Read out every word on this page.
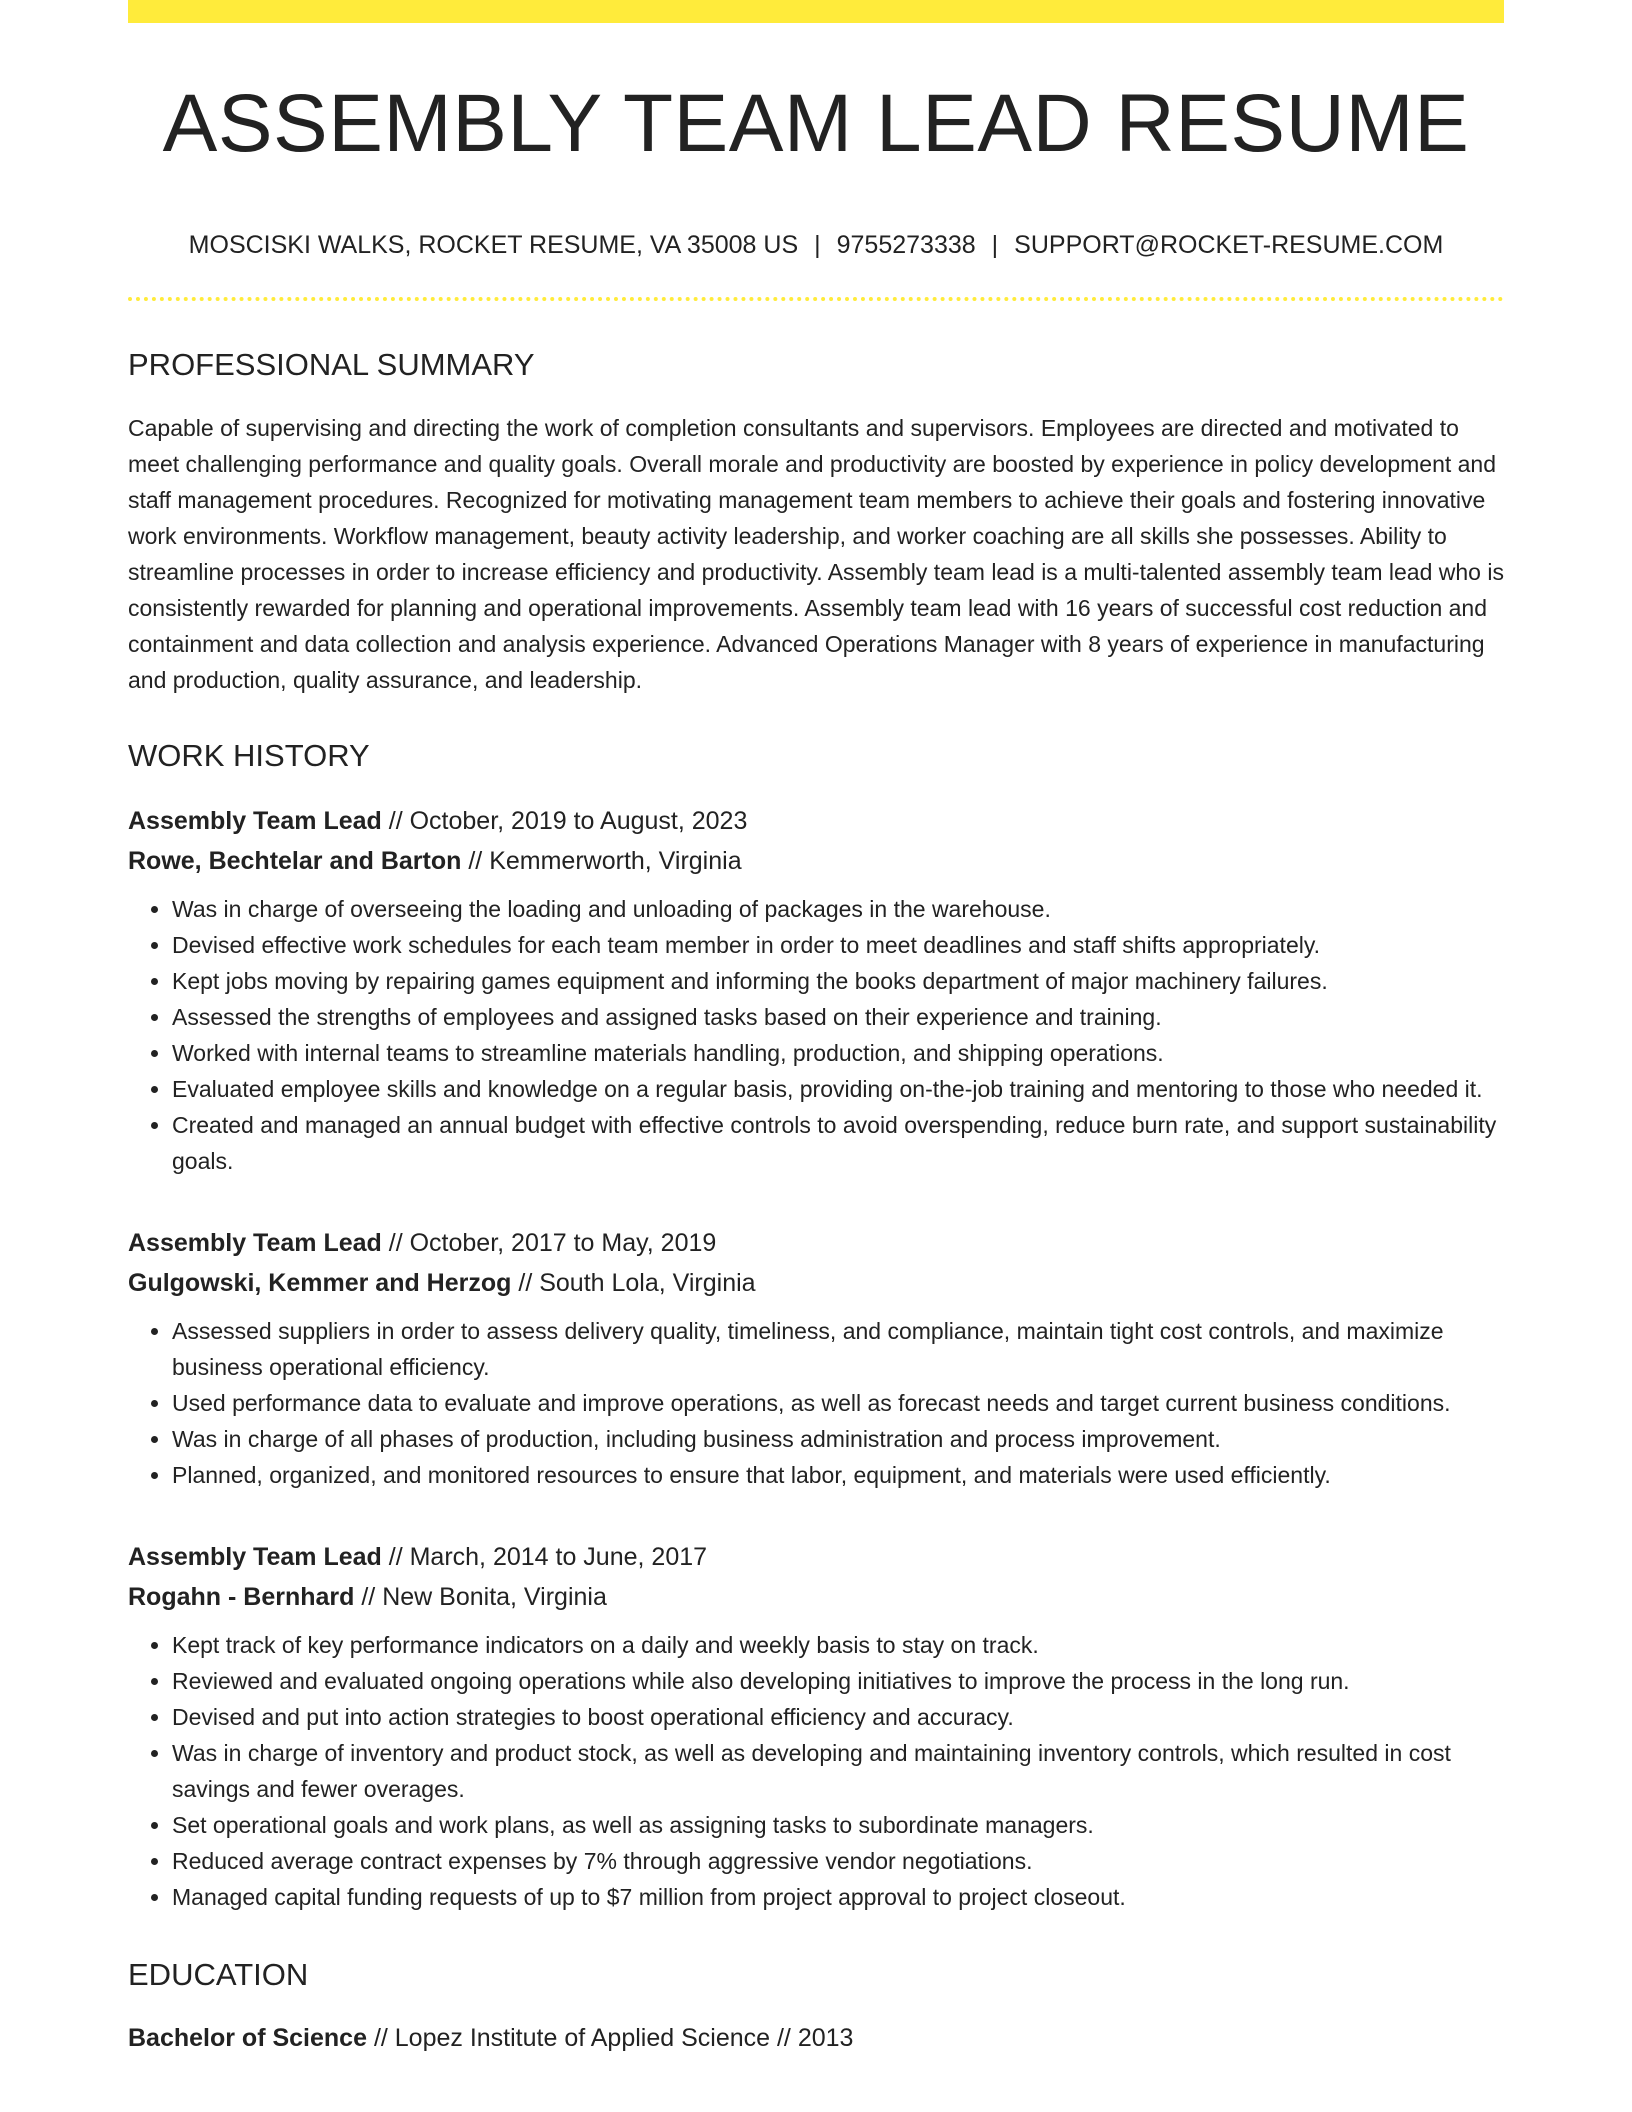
ASSEMBLY TEAM LEAD RESUME
MOSCISKI WALKS, ROCKET RESUME, VA 35008 US | 9755273338 | SUPPORT@ROCKET-RESUME.COM
PROFESSIONAL SUMMARY

Capable of supervising and directing the work of completion consultants and supervisors. Employees are directed and motivated to meet challenging performance and quality goals. Overall morale and productivity are boosted by experience in policy development and staff management procedures. Recognized for motivating management team members to achieve their goals and fostering innovative work environments. Workflow management, beauty activity leadership, and worker coaching are all skills she possesses. Ability to streamline processes in order to increase efficiency and productivity. Assembly team lead is a multi-talented assembly team lead who is consistently rewarded for planning and operational improvements. Assembly team lead with 16 years of successful cost reduction and containment and data collection and analysis experience. Advanced Operations Manager with 8 years of experience in manufacturing and production, quality assurance, and leadership.

WORK HISTORY
Assembly Team Lead // October, 2019 to August, 2023
Rowe, Bechtelar and Barton // Kemmerworth, Virginia
• Was in charge of overseeing the loading and unloading of packages in the warehouse.
• Devised effective work schedules for each team member in order to meet deadlines and staff shifts appropriately.
• Kept jobs moving by repairing games equipment and informing the books department of major machinery failures.
• Assessed the strengths of employees and assigned tasks based on their experience and training.
• Worked with internal teams to streamline materials handling, production, and shipping operations.
• Evaluated employee skills and knowledge on a regular basis, providing on-the-job training and mentoring to those who needed it.
• Created and managed an annual budget with effective controls to avoid overspending, reduce burn rate, and support sustainability goals.
Assembly Team Lead // October, 2017 to May, 2019
Gulgowski, Kemmer and Herzog // South Lola, Virginia
• Assessed suppliers in order to assess delivery quality, timeliness, and compliance, maintain tight cost controls, and maximize business operational efficiency.
• Used performance data to evaluate and improve operations, as well as forecast needs and target current business conditions.
• Was in charge of all phases of production, including business administration and process improvement.
• Planned, organized, and monitored resources to ensure that labor, equipment, and materials were used efficiently.
Assembly Team Lead // March, 2014 to June, 2017
Rogahn - Bernhard // New Bonita, Virginia
• Kept track of key performance indicators on a daily and weekly basis to stay on track.
• Reviewed and evaluated ongoing operations while also developing initiatives to improve the process in the long run.
• Devised and put into action strategies to boost operational efficiency and accuracy.
• Was in charge of inventory and product stock, as well as developing and maintaining inventory controls, which resulted in cost savings and fewer overages.
• Set operational goals and work plans, as well as assigning tasks to subordinate managers.
• Reduced average contract expenses by 7% through aggressive vendor negotiations.
• Managed capital funding requests of up to $7 million from project approval to project closeout.
EDUCATION
Bachelor of Science // Lopez Institute of Applied Science // 2013
